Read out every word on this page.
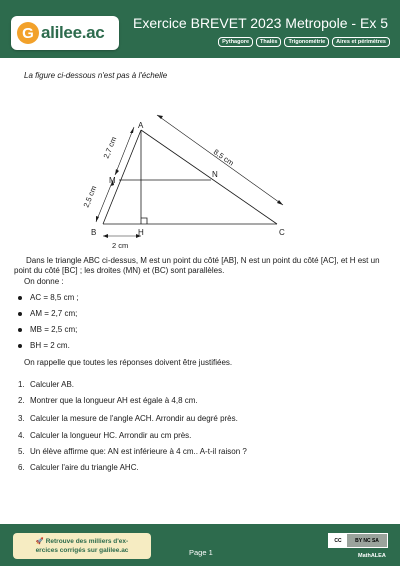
G alilee.ac Exercice BREVET 2023 Metropole - Ex 5
Pythagore	Thalès	Trigonométrie	Aires et périmètres
La figure ci-dessous n'est pas à l'échelle
A
B	C
M
N
H
2,7 cm
2,5 cm
8,5 cm
2 cm
Dans le triangle ABC ci-dessus, M est un point du côté [AB], N est un point du côté [AC], et H est un
point du côté [BC] ; les droites (MN) et (BC) sont parallèles.
On donne :
AC = 8,5 cm ;
AM = 2,7 cm;
MB = 2,5 cm;
BH = 2 cm.
On rappelle que toutes les réponses doivent être justifiées.
1. Calculer AB.
2. Montrer que la longueur AH est égale à 4,8 cm.
3. Calculer la mesure de l'angle ACH. Arrondir au degré près.
4. Calculer la longueur HC. Arrondir au cm près.
5. Un élève affirme que: AN est inférieure à 4 cm.. A-t-il raison ?
6. Calculer l'aire du triangle AHC.
🚀 Retrouve des milliers d'ex-
ercices corrigés sur galilee.ac	Page 1
CC	BY NC SA
MathALEA
